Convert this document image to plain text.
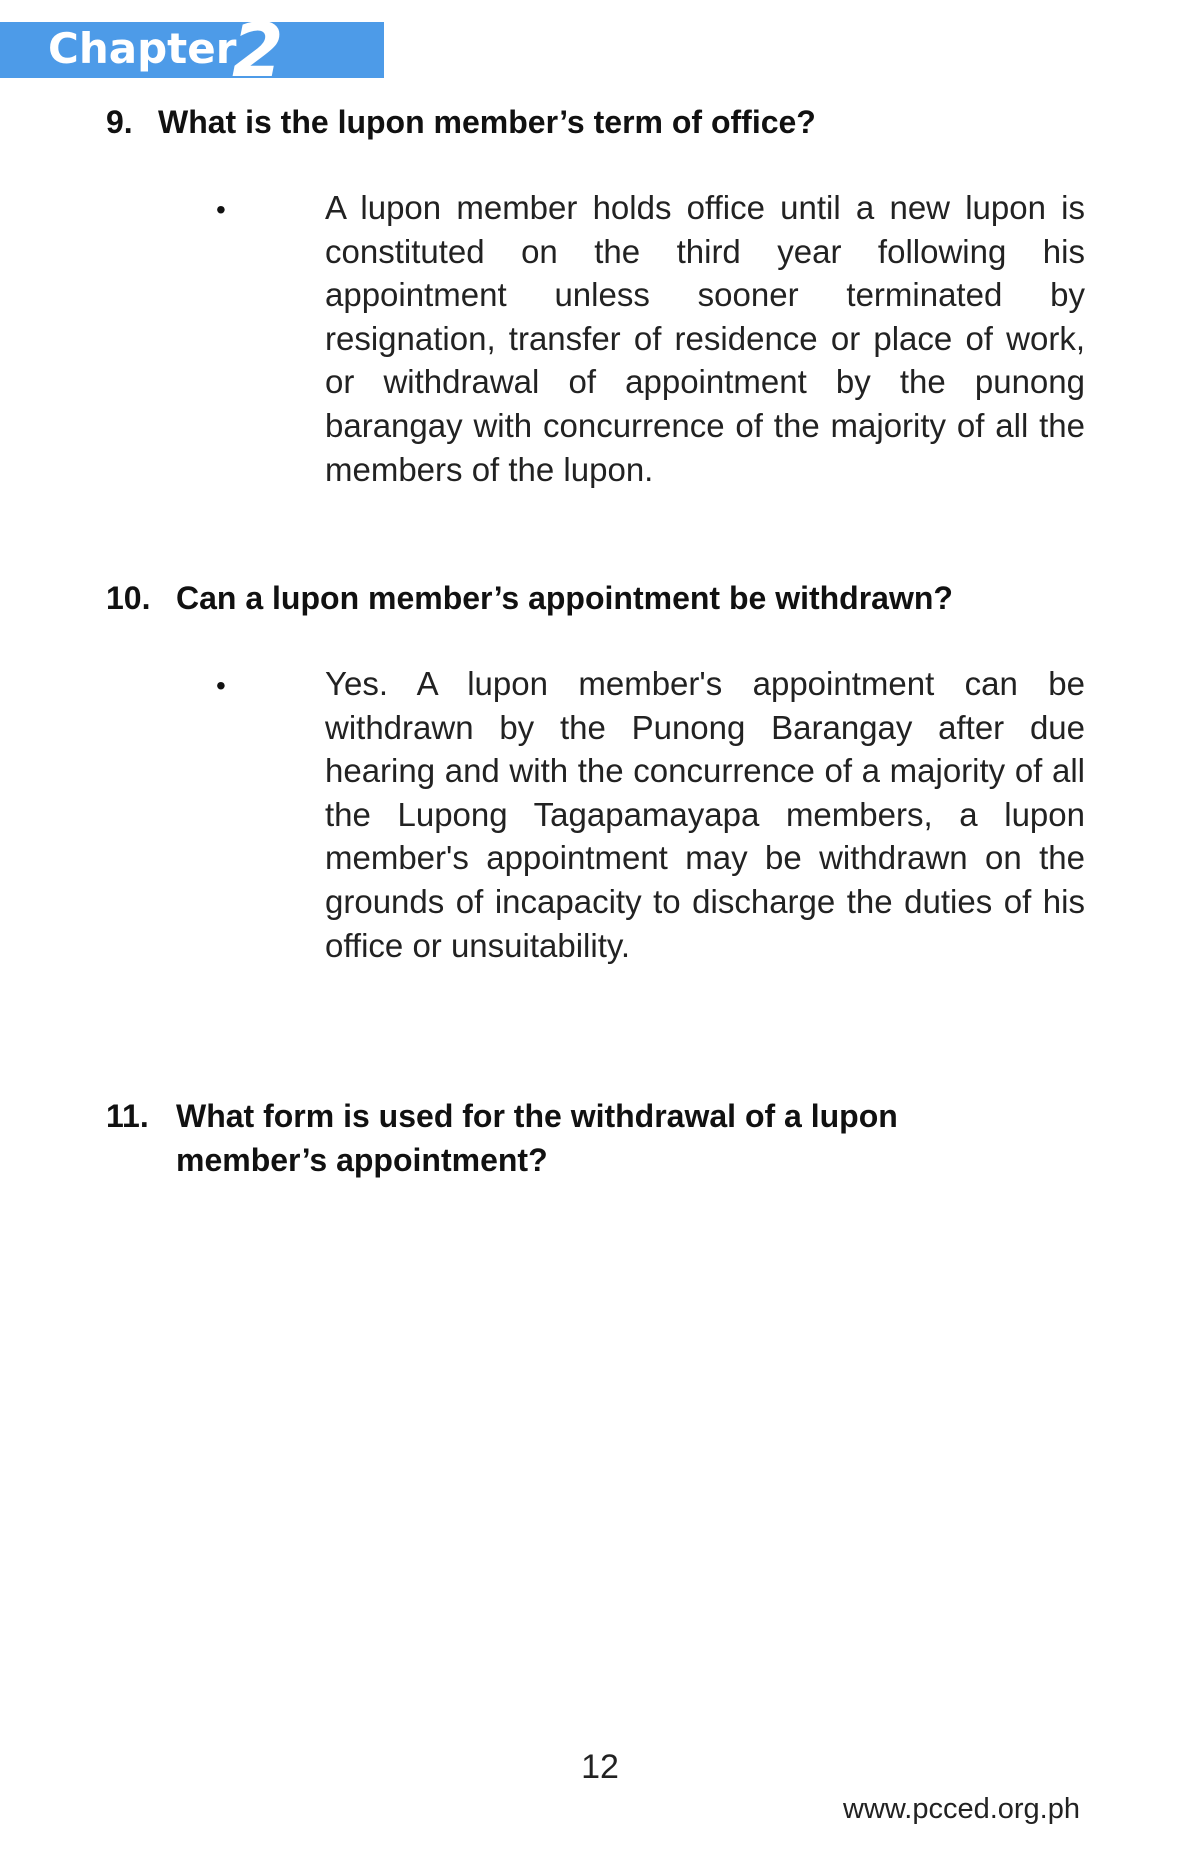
Chapter
2
9. What is the lupon member’s term of office?
•	A lupon member holds office until a new lupon is constituted on the third year following his appointment unless sooner terminated by resignation, transfer of residence or place of work, or withdrawal of appointment by the punong barangay with concurrence of the majority of all the members of the lupon.
10. Can a lupon member’s appointment be withdrawn?
•	Yes. A lupon member's appointment can be withdrawn by the Punong Barangay after due hearing and with the concurrence of a majority of all the Lupong Tagapamayapa members, a lupon member's appointment may be withdrawn on the grounds of incapacity to discharge the duties of his office or unsuitability.
11. What form is used for the withdrawal of a lupon member’s appointment?
12
www.pcced.org.ph
